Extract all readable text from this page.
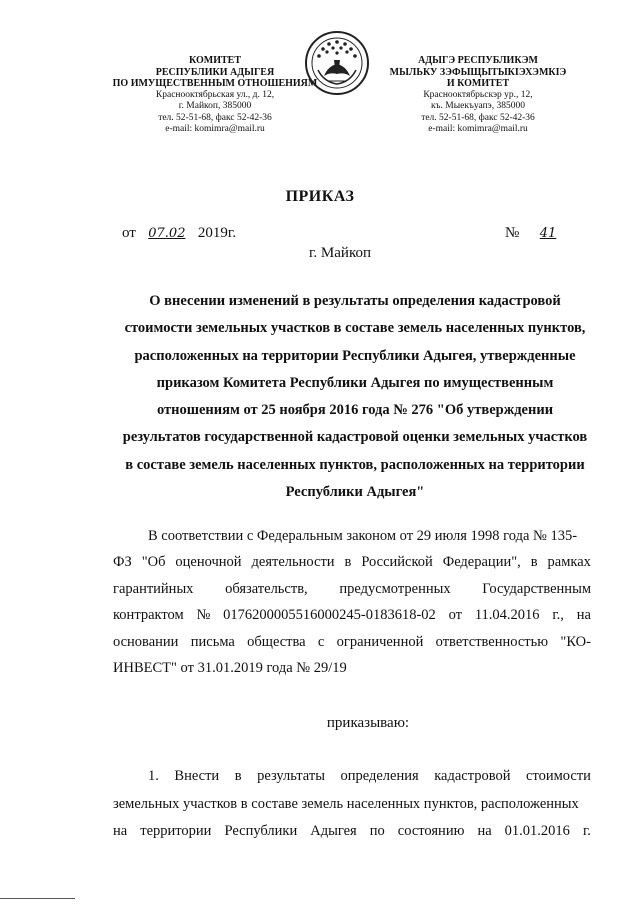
КОМИТЕТ
РЕСПУБЛИКИ АДЫГЕЯ
ПО ИМУЩЕСТВЕННЫМ ОТНОШЕНИЯМ
Краснооктябрьская ул., д. 12,
г. Майкоп, 385000
тел. 52-51-68, факс 52-42-36
e-mail: komimra@mail.ru
АДЫГЭ РЕСПУБЛИКЭМ
МЫЛЬКУ ЗЭФЫЩЫТЫКIЭХЭМКIЭ
И КОМИТЕТ
Краснооктябрьскэр ур., 12,
къ. Мыекъуапэ, 385000
тел. 52-51-68, факс 52-42-36
e-mail: komimra@mail.ru
ПРИКАЗ
от 07.02 2019г.	№ 41
г. Майкоп
О внесении изменений в результаты определения кадастровой
стоимости земельных участков в составе земель населенных пунктов,
расположенных на территории Республики Адыгея, утвержденные
приказом Комитета Республики Адыгея по имущественным
отношениям от 25 ноября 2016 года № 276 "Об утверждении
результатов государственной кадастровой оценки земельных участков
в составе земель населенных пунктов, расположенных на территории
Республики Адыгея"
В соответствии с Федеральным законом от 29 июля 1998 года № 135-
ФЗ "Об оценочной деятельности в Российской Федерации", в рамках
гарантийных обязательств, предусмотренных Государственным
контрактом № 0176200005516000245-0183618-02 от 11.04.2016 г., на
основании письма общества с ограниченной ответственностью "КО-
ИНВЕСТ" от 31.01.2019 года № 29/19
приказываю:
1. Внести в результаты определения кадастровой стоимости
земельных участков в составе земель населенных пунктов, расположенных
на территории Республики Адыгея по состоянию на 01.01.2016 г.
